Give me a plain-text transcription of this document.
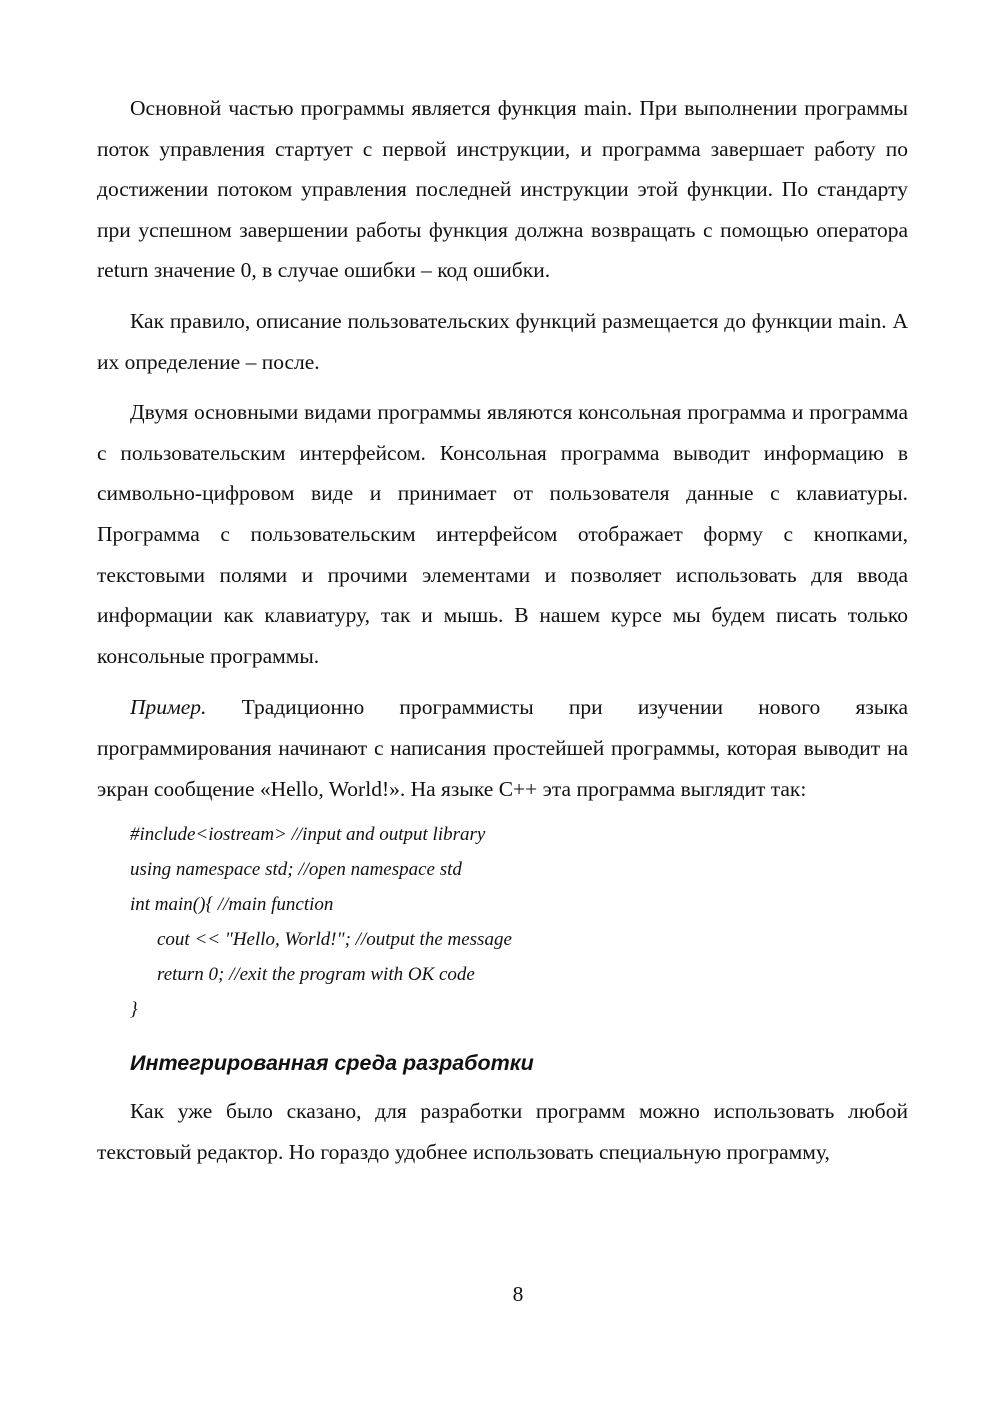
Основной частью программы является функция main. При выполнении программы поток управления стартует с первой инструкции, и программа завершает работу по достижении потоком управления последней инструкции этой функции. По стандарту при успешном завершении работы функция должна возвращать с помощью оператора return значение 0, в случае ошибки – код ошибки.

Как правило, описание пользовательских функций размещается до функции main. А их определение – после.

Двумя основными видами программы являются консольная программа и программа с пользовательским интерфейсом. Консольная программа выводит информацию в символьно-цифровом виде и принимает от пользователя данные с клавиатуры. Программа с пользовательским интерфейсом отображает форму с кнопками, текстовыми полями и прочими элементами и позволяет использовать для ввода информации как клавиатуру, так и мышь. В нашем курсе мы будем писать только консольные программы.

Пример. Традиционно программисты при изучении нового языка программирования начинают с написания простейшей программы, которая выводит на экран сообщение «Hello, World!». На языке С++ эта программа выглядит так:

#include<iostream> //input and output library
using namespace std; //open namespace std
int main(){ //main function
cout << "Hello, World!"; //output the message
return 0; //exit the program with OK code
}
Интегрированная среда разработки

Как уже было сказано, для разработки программ можно использовать любой текстовый редактор. Но гораздо удобнее использовать специальную программу,

8
